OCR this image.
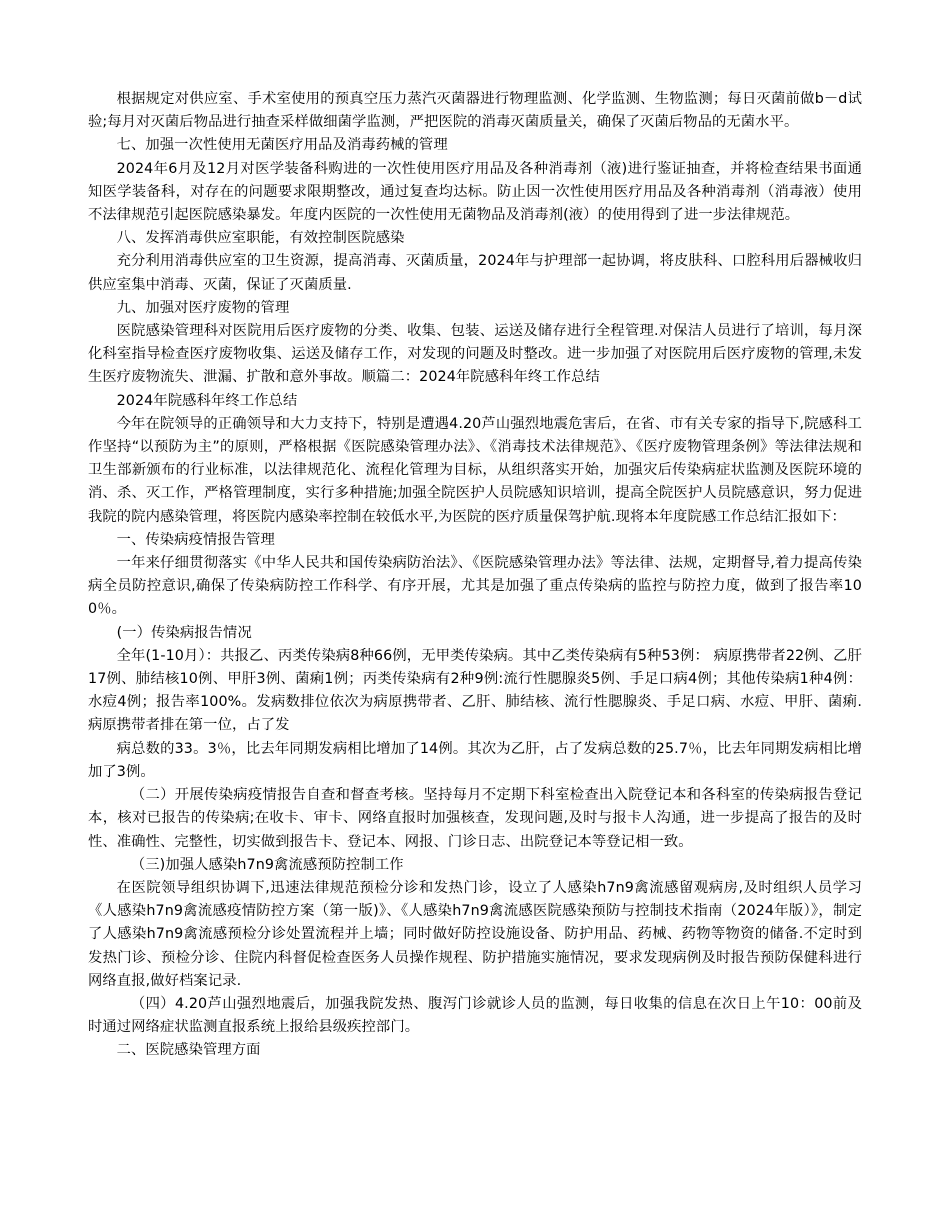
根据规定对供应室、手术室使用的预真空压力蒸汽灭菌器进行物理监测、化学监测、生物监测；每日灭菌前做b－d试验;每月对灭菌后物品进行抽查采样做细菌学监测，严把医院的消毒灭菌质量关，确保了灭菌后物品的无菌水平。

七、加强一次性使用无菌医疗用品及消毒药械的管理

2024年6月及12月对医学装备科购进的一次性使用医疗用品及各种消毒剂（液)进行鉴证抽查，并将检查结果书面通知医学装备科，对存在的问题要求限期整改，通过复查均达标。防止因一次性使用医疗用品及各种消毒剂（消毒液）使用不法律规范引起医院感染暴发。年度内医院的一次性使用无菌物品及消毒剂(液）的使用得到了进一步法律规范。

八、发挥消毒供应室职能，有效控制医院感染

充分利用消毒供应室的卫生资源，提高消毒、灭菌质量，2024年与护理部一起协调，将皮肤科、口腔科用后器械收归供应室集中消毒、灭菌，保证了灭菌质量.

九、加强对医疗废物的管理

医院感染管理科对医院用后医疗废物的分类、收集、包装、运送及储存进行全程管理.对保洁人员进行了培训，每月深化科室指导检查医疗废物收集、运送及储存工作，对发现的问题及时整改。进一步加强了对医院用后医疗废物的管理,未发生医疗废物流失、泄漏、扩散和意外事故。顺篇二：2024年院感科年终工作总结

2024年院感科年终工作总结

今年在院领导的正确领导和大力支持下，特别是遭遇4.20芦山强烈地震危害后，在省、市有关专家的指导下,院感科工作坚持“以预防为主”的原则，严格根据《医院感染管理办法》、《消毒技术法律规范》、《医疗废物管理条例》等法律法规和卫生部新颁布的行业标准，以法律规范化、流程化管理为目标，从组织落实开始，加强灾后传染病症状监测及医院环境的消、杀、灭工作，严格管理制度，实行多种措施;加强全院医护人员院感知识培训，提高全院医护人员院感意识，努力促进我院的院内感染管理，将医院内感染率控制在较低水平,为医院的医疗质量保驾护航.现将本年度院感工作总结汇报如下：

一、传染病疫情报告管理

一年来仔细贯彻落实《中华人民共和国传染病防治法》、《医院感染管理办法》等法律、法规，定期督导,着力提高传染病全员防控意识,确保了传染病防控工作科学、有序开展，尤其是加强了重点传染病的监控与防控力度，做到了报告率100％。

(一）传染病报告情况

全年(1-10月）：共报乙、丙类传染病8种66例，无甲类传染病。其中乙类传染病有5种53例： 病原携带者22例、乙肝17例、肺结核10例、甲肝3例、菌痢1例；丙类传染病有2种9例:流行性腮腺炎5例、手足口病4例；其他传染病1种4例：水痘4例；报告率100%。发病数排位依次为病原携带者、乙肝、肺结核、流行性腮腺炎、手足口病、水痘、甲肝、菌痢.病原携带者排在第一位，占了发

病总数的33。3％，比去年同期发病相比增加了14例。其次为乙肝，占了发病总数的25.7％，比去年同期发病相比增加了3例。

（二）开展传染病疫情报告自查和督查考核。坚持每月不定期下科室检查出入院登记本和各科室的传染病报告登记本，核对已报告的传染病;在收卡、审卡、网络直报时加强核查，发现问题,及时与报卡人沟通，进一步提高了报告的及时性、准确性、完整性，切实做到报告卡、登记本、网报、门诊日志、出院登记本等登记相一致。

（三)加强人感染h7n9禽流感预防控制工作

在医院领导组织协调下,迅速法律规范预检分诊和发热门诊，设立了人感染h7n9禽流感留观病房,及时组织人员学习《人感染h7n9禽流感疫情防控方案（第一版)》、《人感染h7n9禽流感医院感染预防与控制技术指南（2024年版）》，制定了人感染h7n9禽流感预检分诊处置流程并上墙；同时做好防控设施设备、防护用品、药械、药物等物资的储备.不定时到发热门诊、预检分诊、住院内科督促检查医务人员操作规程、防护措施实施情况，要求发现病例及时报告预防保健科进行网络直报,做好档案记录.

（四）4.20芦山强烈地震后，加强我院发热、腹泻门诊就诊人员的监测，每日收集的信息在次日上午10：00前及时通过网络症状监测直报系统上报给县级疾控部门。

二、医院感染管理方面
